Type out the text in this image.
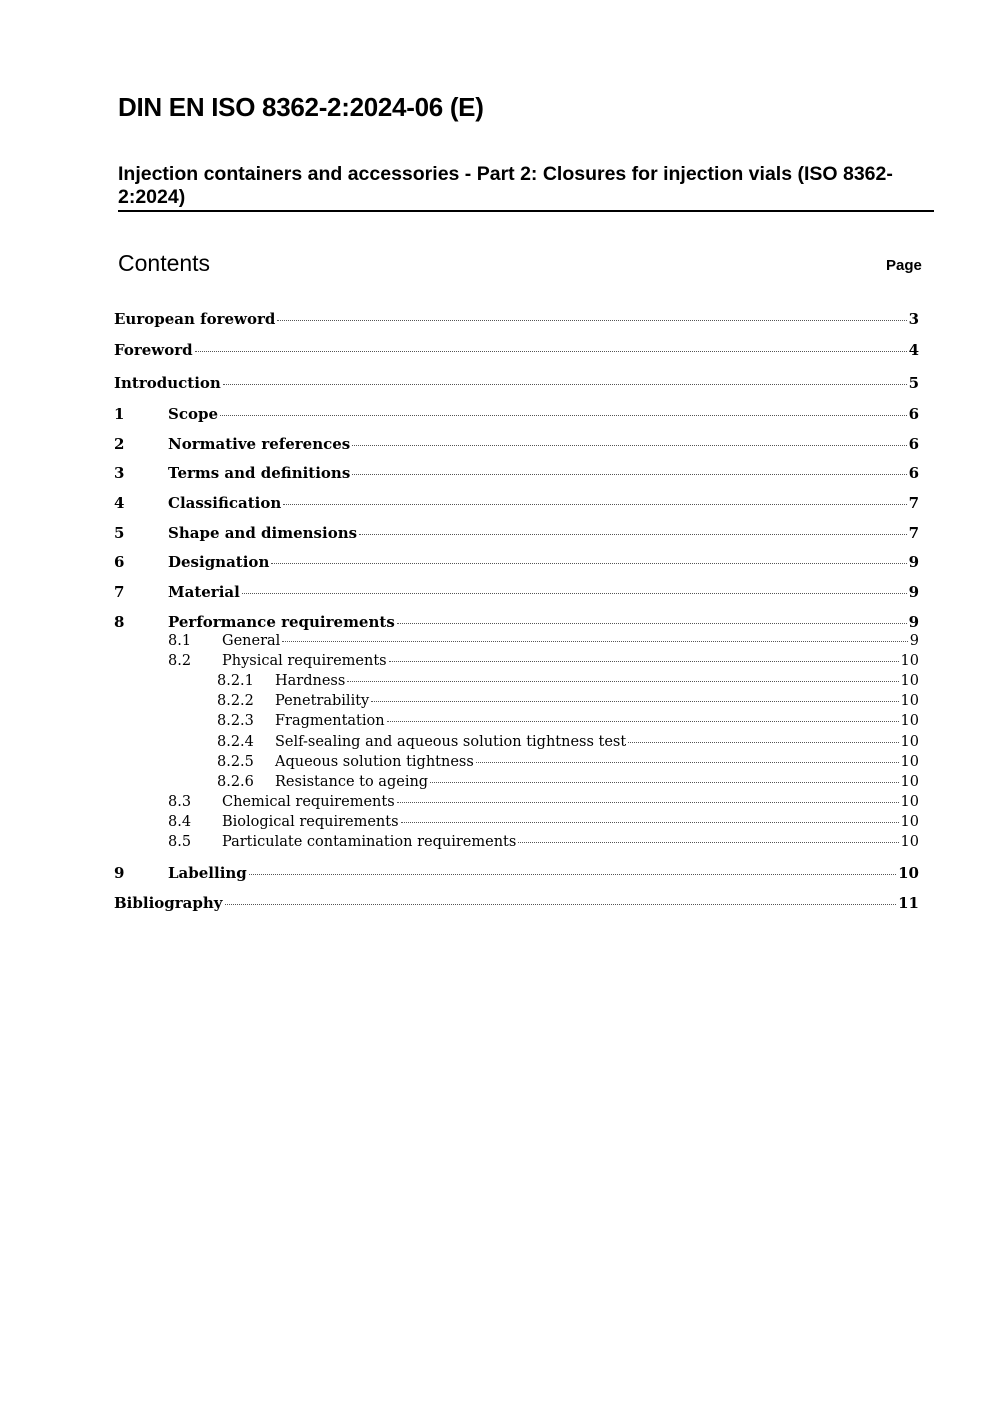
DIN EN ISO 8362-2:2024-06 (E)
Injection containers and accessories - Part 2: Closures for injection vials (ISO 8362-2:2024)
Contents	Page
European foreword	3
Foreword	4
Introduction	5
1	Scope	6
2	Normative references	6
3	Terms and definitions	6
4	Classification	7
5	Shape and dimensions	7
6	Designation	9
7	Material	9
8	Performance requirements	9
8.1	General	9
8.2	Physical requirements	10
8.2.1	Hardness	10
8.2.2	Penetrability	10
8.2.3	Fragmentation	10
8.2.4	Self-sealing and aqueous solution tightness test	10
8.2.5	Aqueous solution tightness	10
8.2.6	Resistance to ageing	10
8.3	Chemical requirements	10
8.4	Biological requirements	10
8.5	Particulate contamination requirements	10
9	Labelling	10
Bibliography	11
